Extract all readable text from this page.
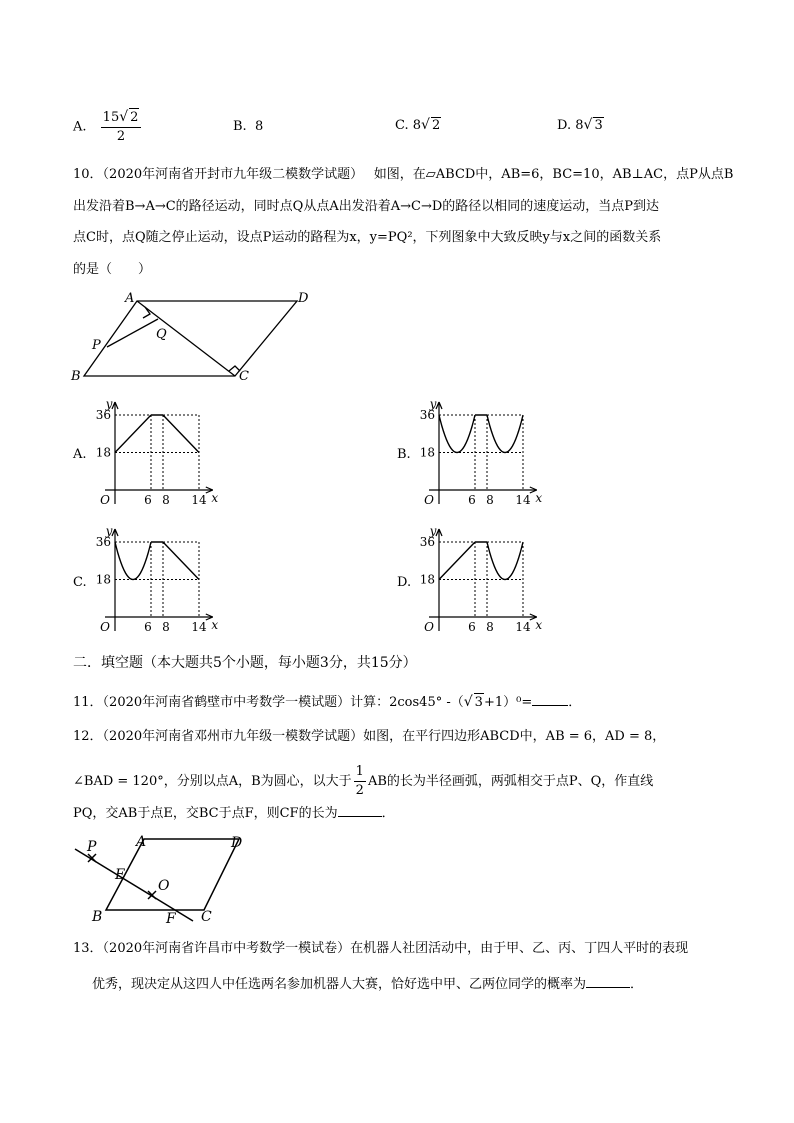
A. $\frac{15√ 2}{2}$	B. 8	C. 8√ 2	D. 8√ 3
10．（2020年河南省开封市九年级二模数学试题）　 如图，在▱ABCD中，AB=6，BC=10，AB⊥AC，点P从点B
出发沿着B→A→C的路径运动，同时点Q从点A出发沿着A→C→D的路径以相同的速度运动，当点P到达
点C时，点Q随之停止运动，设点P运动的路程为x，y=PQ²，下列图象中大致反映y与x之间的函数关系
的是（　　）
A	D
Q
P
B	C
A.
y
x
O
36
18
6 8 14
B.
y
x
O
36
18
6 8 14
C.
y
x
O
36
18
6 8 14
D.
y
x
O
36
18
6 8 14
二．填空题（本大题共5个小题，每小题3分，共15分）
11．（2020年河南省鹤壁市中考数学一模试题）计算：2cos45° -（√ 3+1）⁰=	．
12．（2020年河南省邓州市九年级一模数学试题）如图，在平行四边形ABCD中，AB = 6，AD = 8，
∠BAD = 120°，分别以点A，B为圆心，以大于 $\frac{1}{2}$ AB的长为半径画弧，两弧相交于点P、Q，作直线
PQ，交AB于点E，交BC于点F，则CF的长为	．
P	A	D
E
O
B	F C
13．（2020年河南省许昌市中考数学一模试卷）在机器人社团活动中，由于甲、乙、丙、丁四人平时的表现
优秀，现决定从这四人中任选两名参加机器人大赛，恰好选中甲、乙两位同学的概率为	．
